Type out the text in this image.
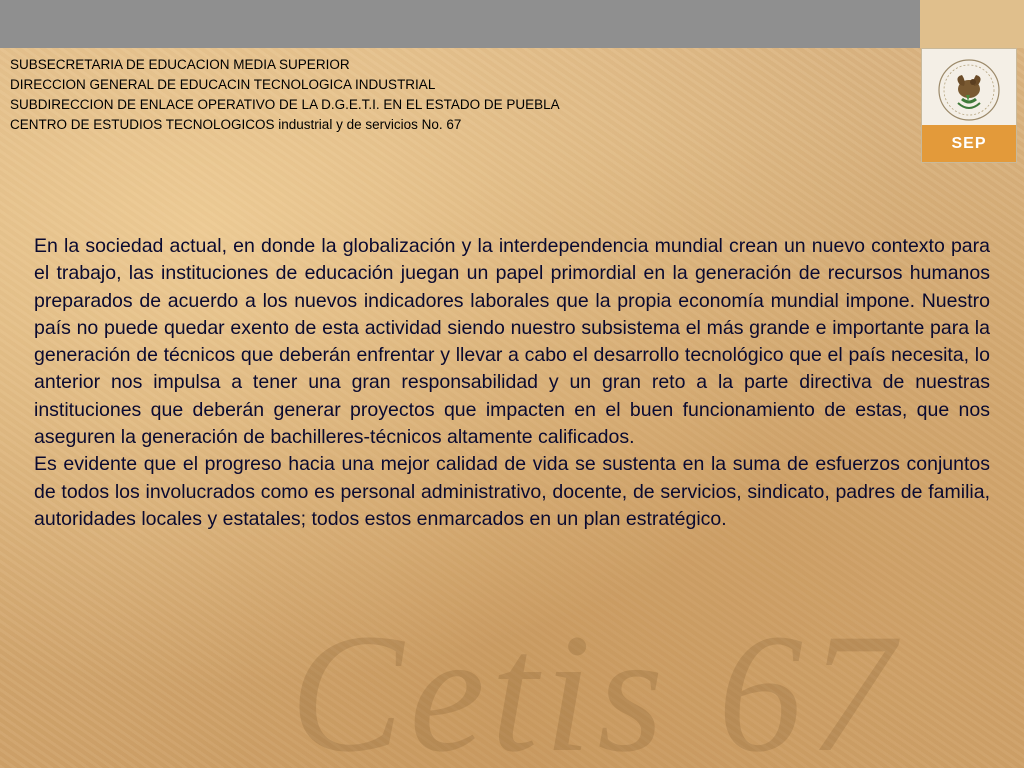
SUBSECRETARIA DE EDUCACION MEDIA SUPERIOR
DIRECCION GENERAL DE EDUCACIN TECNOLOGICA INDUSTRIAL
SUBDIRECCION DE ENLACE OPERATIVO DE LA D.G.E.T.I. EN EL ESTADO DE PUEBLA
CENTRO DE ESTUDIOS TECNOLOGICOS industrial y de servicios No. 67
SEP

En la sociedad actual, en donde la globalización y la interdependencia mundial crean un nuevo contexto para el trabajo, las instituciones de educación juegan un papel primordial en la generación de recursos humanos preparados de acuerdo a los nuevos indicadores laborales que la propia economía mundial impone. Nuestro país no puede quedar exento de esta actividad siendo nuestro subsistema el más grande e importante para la generación de técnicos que deberán enfrentar y llevar a cabo el desarrollo tecnológico que el país necesita, lo anterior nos impulsa a tener una gran responsabilidad y un gran reto a la parte directiva de nuestras instituciones que deberán generar proyectos que impacten en el buen funcionamiento de estas, que nos aseguren la generación de bachilleres-técnicos altamente calificados.

Es evidente que el progreso hacia una mejor calidad de vida se sustenta en la suma de esfuerzos conjuntos de todos los involucrados como es personal administrativo, docente, de servicios, sindicato, padres de familia, autoridades locales y estatales; todos estos enmarcados en un plan estratégico.

Cetis 67
